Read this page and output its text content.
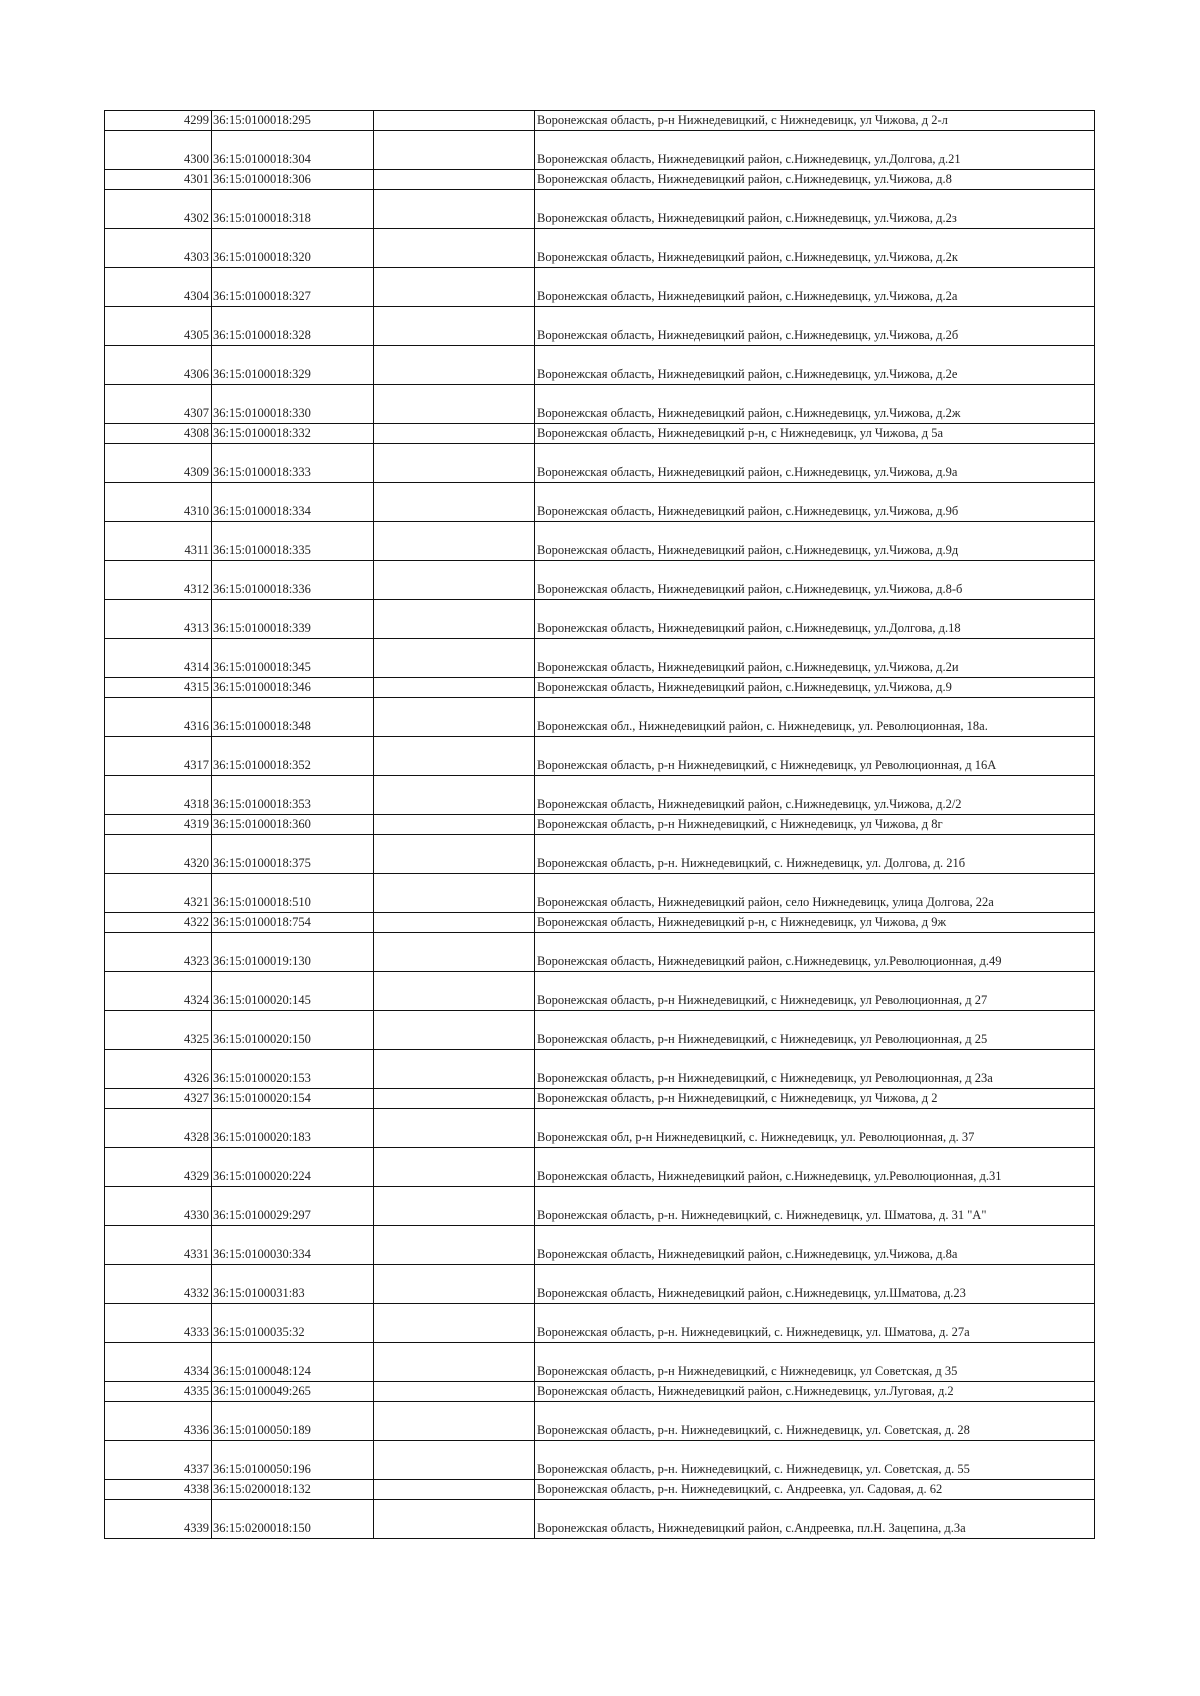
4299	36:15:0100018:295		Воронежская область, р-н Нижнедевицкий, с Нижнедевицк, ул Чижова, д 2-л
4300	36:15:0100018:304		Воронежская область, Нижнедевицкий район, с.Нижнедевицк, ул.Долгова, д.21
4301	36:15:0100018:306		Воронежская область, Нижнедевицкий район, с.Нижнедевицк, ул.Чижова, д.8
4302	36:15:0100018:318		Воронежская область, Нижнедевицкий район, с.Нижнедевицк, ул.Чижова, д.2з
4303	36:15:0100018:320		Воронежская область, Нижнедевицкий район, с.Нижнедевицк, ул.Чижова, д.2к
4304	36:15:0100018:327		Воронежская область, Нижнедевицкий район, с.Нижнедевицк, ул.Чижова, д.2а
4305	36:15:0100018:328		Воронежская область, Нижнедевицкий район, с.Нижнедевицк, ул.Чижова, д.2б
4306	36:15:0100018:329		Воронежская область, Нижнедевицкий район, с.Нижнедевицк, ул.Чижова, д.2е
4307	36:15:0100018:330		Воронежская область, Нижнедевицкий район, с.Нижнедевицк, ул.Чижова, д.2ж
4308	36:15:0100018:332		Воронежская область, Нижнедевицкий р-н, с Нижнедевицк, ул Чижова, д 5а
4309	36:15:0100018:333		Воронежская область, Нижнедевицкий район, с.Нижнедевицк, ул.Чижова, д.9а
4310	36:15:0100018:334		Воронежская область, Нижнедевицкий район, с.Нижнедевицк, ул.Чижова, д.9б
4311	36:15:0100018:335		Воронежская область, Нижнедевицкий район, с.Нижнедевицк, ул.Чижова, д.9д
4312	36:15:0100018:336		Воронежская область, Нижнедевицкий район, с.Нижнедевицк, ул.Чижова, д.8-б
4313	36:15:0100018:339		Воронежская область, Нижнедевицкий район, с.Нижнедевицк, ул.Долгова, д.18
4314	36:15:0100018:345		Воронежская область, Нижнедевицкий район, с.Нижнедевицк, ул.Чижова, д.2и
4315	36:15:0100018:346		Воронежская область, Нижнедевицкий район, с.Нижнедевицк, ул.Чижова, д.9
4316	36:15:0100018:348		Воронежская обл., Нижнедевицкий район, с. Нижнедевицк, ул. Революционная, 18а.
4317	36:15:0100018:352		Воронежская область, р-н Нижнедевицкий, с Нижнедевицк, ул Революционная, д 16А
4318	36:15:0100018:353		Воронежская область, Нижнедевицкий район, с.Нижнедевицк, ул.Чижова, д.2/2
4319	36:15:0100018:360		Воронежская область, р-н Нижнедевицкий, с Нижнедевицк, ул Чижова, д 8г
4320	36:15:0100018:375		Воронежская область, р-н. Нижнедевицкий, с. Нижнедевицк, ул. Долгова, д. 21б
4321	36:15:0100018:510		Воронежская область, Нижнедевицкий район, село Нижнедевицк, улица Долгова, 22а
4322	36:15:0100018:754		Воронежская область, Нижнедевицкий р-н, с Нижнедевицк, ул Чижова, д 9ж
4323	36:15:0100019:130		Воронежская область, Нижнедевицкий район, с.Нижнедевицк, ул.Революционная, д.49
4324	36:15:0100020:145		Воронежская область, р-н Нижнедевицкий, с Нижнедевицк, ул Революционная, д 27
4325	36:15:0100020:150		Воронежская область, р-н Нижнедевицкий, с Нижнедевицк, ул Революционная, д 25
4326	36:15:0100020:153		Воронежская область, р-н Нижнедевицкий, с Нижнедевицк, ул Революционная, д 23а
4327	36:15:0100020:154		Воронежская область, р-н Нижнедевицкий, с Нижнедевицк, ул Чижова, д 2
4328	36:15:0100020:183		Воронежская обл, р-н Нижнедевицкий, с. Нижнедевицк, ул. Революционная, д. 37
4329	36:15:0100020:224		Воронежская область, Нижнедевицкий район, с.Нижнедевицк, ул.Революционная, д.31
4330	36:15:0100029:297		Воронежская область, р-н. Нижнедевицкий, с. Нижнедевицк, ул. Шматова, д. 31 "А"
4331	36:15:0100030:334		Воронежская область, Нижнедевицкий район, с.Нижнедевицк, ул.Чижова, д.8а
4332	36:15:0100031:83		Воронежская область, Нижнедевицкий район, с.Нижнедевицк, ул.Шматова, д.23
4333	36:15:0100035:32		Воронежская область, р-н. Нижнедевицкий, с. Нижнедевицк, ул. Шматова, д. 27а
4334	36:15:0100048:124		Воронежская область, р-н Нижнедевицкий, с Нижнедевицк, ул Советская, д 35
4335	36:15:0100049:265		Воронежская область, Нижнедевицкий район, с.Нижнедевицк, ул.Луговая, д.2
4336	36:15:0100050:189		Воронежская область, р-н. Нижнедевицкий, с. Нижнедевицк, ул. Советская, д. 28
4337	36:15:0100050:196		Воронежская область, р-н. Нижнедевицкий, с. Нижнедевицк, ул. Советская, д. 55
4338	36:15:0200018:132		Воронежская область, р-н. Нижнедевицкий, с. Андреевка, ул. Садовая, д. 62
4339	36:15:0200018:150		Воронежская область, Нижнедевицкий район, с.Андреевка, пл.Н. Зацепина, д.3а
